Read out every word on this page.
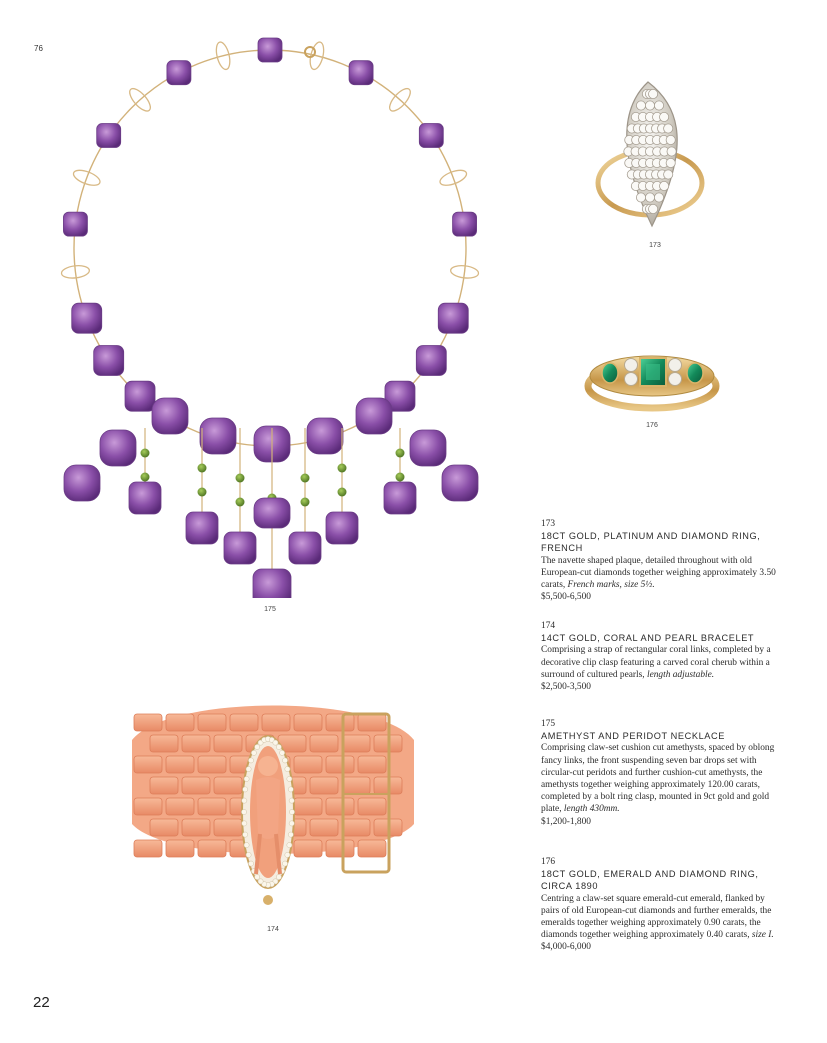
76
175
173
176
174
173
18CT GOLD, PLATINUM AND DIAMOND RING, FRENCH
The navette shaped plaque, detailed throughout with old European-cut diamonds together weighing approximately 3.50 carats, French marks, size 5½.
$5,500-6,500
174
14CT GOLD, CORAL AND PEARL BRACELET
Comprising a strap of rectangular coral links, completed by a decorative clip clasp featuring a carved coral cherub within a surround of cultured pearls, length adjustable.
$2,500-3,500
175
AMETHYST AND PERIDOT NECKLACE
Comprising claw-set cushion cut amethysts, spaced by oblong fancy links, the front suspending seven bar drops set with circular-cut peridots and further cushion-cut amethysts, the amethysts together weighing approximately 120.00 carats, completed by a bolt ring clasp, mounted in 9ct gold and gold plate, length 430mm.
$1,200-1,800
176
18CT GOLD, EMERALD AND DIAMOND RING, CIRCA 1890
Centring a claw-set square emerald-cut emerald, flanked by pairs of old European-cut diamonds and further emeralds, the emeralds together weighing approximately 0.90 carats, the diamonds together weighing approximately 0.40 carats, size I.
$4,000-6,000
22
